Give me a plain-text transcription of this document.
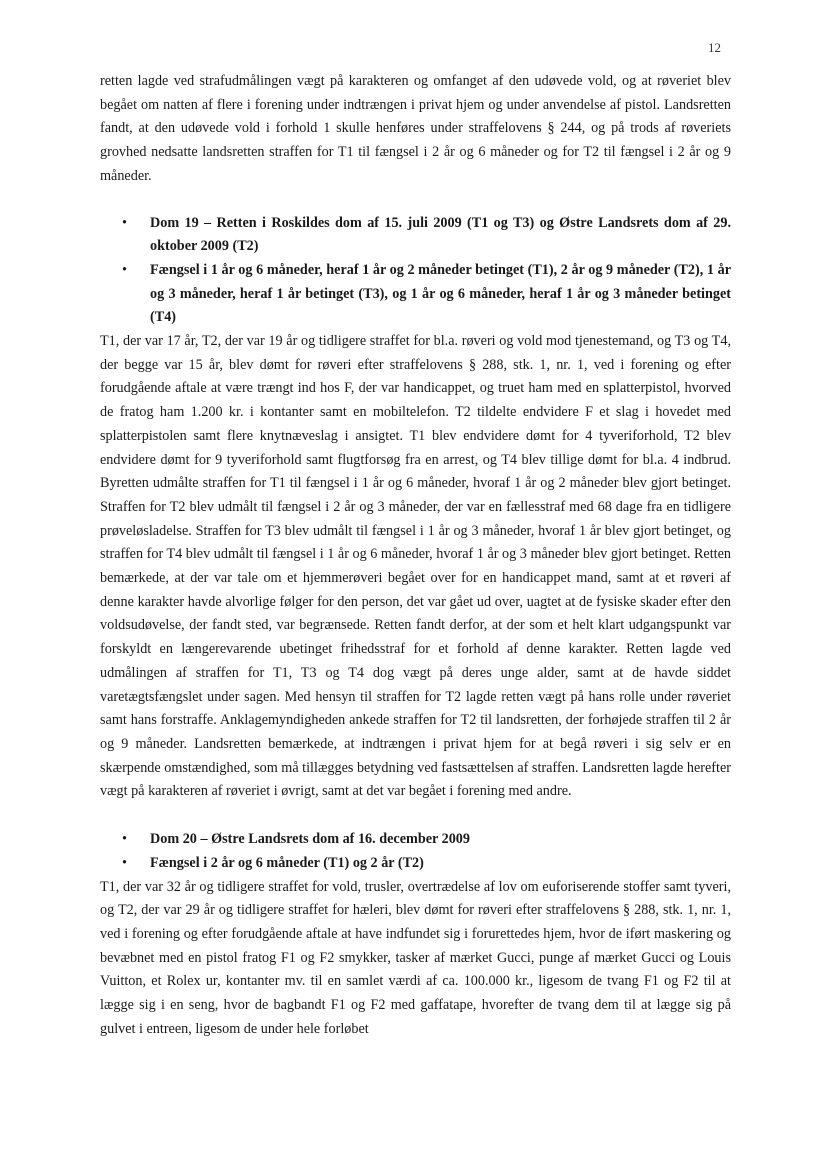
12

retten lagde ved strafudmålingen vægt på karakteren og omfanget af den udøvede vold, og at røveriet blev begået om natten af flere i forening under indtrængen i privat hjem og under anvendelse af pistol. Landsretten fandt, at den udøvede vold i forhold 1 skulle henføres under straffelovens § 244, og på trods af røveriets grovhed nedsatte landsretten straffen for T1 til fængsel i 2 år og 6 måneder og for T2 til fængsel i 2 år og 9 måneder.

• Dom 19 – Retten i Roskildes dom af 15. juli 2009 (T1 og T3) og Østre Landsrets dom af 29. oktober 2009 (T2)
• Fængsel i 1 år og 6 måneder, heraf 1 år og 2 måneder betinget (T1), 2 år og 9 måneder (T2), 1 år og 3 måneder, heraf 1 år betinget (T3), og 1 år og 6 måneder, heraf 1 år og 3 måneder betinget (T4)

T1, der var 17 år, T2, der var 19 år og tidligere straffet for bl.a. røveri og vold mod tjenestemand, og T3 og T4, der begge var 15 år, blev dømt for røveri efter straffelovens § 288, stk. 1, nr. 1, ved i forening og efter forudgående aftale at være trængt ind hos F, der var handicappet, og truet ham med en splatterpistol, hvorved de fratog ham 1.200 kr. i kontanter samt en mobiltelefon. T2 tildelte endvidere F et slag i hovedet med splatterpistolen samt flere knytnæveslag i ansigtet. T1 blev endvidere dømt for 4 tyveriforhold, T2 blev endvidere dømt for 9 tyveriforhold samt flugtforsøg fra en arrest, og T4 blev tillige dømt for bl.a. 4 indbrud. Byretten udmålte straffen for T1 til fængsel i 1 år og 6 måneder, hvoraf 1 år og 2 måneder blev gjort betinget. Straffen for T2 blev udmålt til fængsel i 2 år og 3 måneder, der var en fællesstraf med 68 dage fra en tidligere prøveløsladelse. Straffen for T3 blev udmålt til fængsel i 1 år og 3 måneder, hvoraf 1 år blev gjort betinget, og straffen for T4 blev udmålt til fængsel i 1 år og 6 måneder, hvoraf 1 år og 3 måneder blev gjort betinget. Retten bemærkede, at der var tale om et hjemmerøveri begået over for en handicappet mand, samt at et røveri af denne karakter havde alvorlige følger for den person, det var gået ud over, uagtet at de fysiske skader efter den voldsudøvelse, der fandt sted, var begrænsede. Retten fandt derfor, at der som et helt klart udgangspunkt var forskyldt en længerevarende ubetinget frihedsstraf for et forhold af denne karakter. Retten lagde ved udmålingen af straffen for T1, T3 og T4 dog vægt på deres unge alder, samt at de havde siddet varetægtsfængslet under sagen. Med hensyn til straffen for T2 lagde retten vægt på hans rolle under røveriet samt hans forstraffe. Anklagemyndigheden ankede straffen for T2 til landsretten, der forhøjede straffen til 2 år og 9 måneder. Landsretten bemærkede, at indtrængen i privat hjem for at begå røveri i sig selv er en skærpende omstændighed, som må tillægges betydning ved fastsættelsen af straffen. Landsretten lagde herefter vægt på karakteren af røveriet i øvrigt, samt at det var begået i forening med andre.

• Dom 20 – Østre Landsrets dom af 16. december 2009
• Fængsel i 2 år og 6 måneder (T1) og 2 år (T2)

T1, der var 32 år og tidligere straffet for vold, trusler, overtrædelse af lov om euforiserende stoffer samt tyveri, og T2, der var 29 år og tidligere straffet for hæleri, blev dømt for røveri efter straffelovens § 288, stk. 1, nr. 1, ved i forening og efter forudgående aftale at have indfundet sig i forurettedes hjem, hvor de iført maskering og bevæbnet med en pistol fratog F1 og F2 smykker, tasker af mærket Gucci, punge af mærket Gucci og Louis Vuitton, et Rolex ur, kontanter mv. til en samlet værdi af ca. 100.000 kr., ligesom de tvang F1 og F2 til at lægge sig i en seng, hvor de bagbandt F1 og F2 med gaffatape, hvorefter de tvang dem til at lægge sig på gulvet i entreen, ligesom de under hele forløbet
